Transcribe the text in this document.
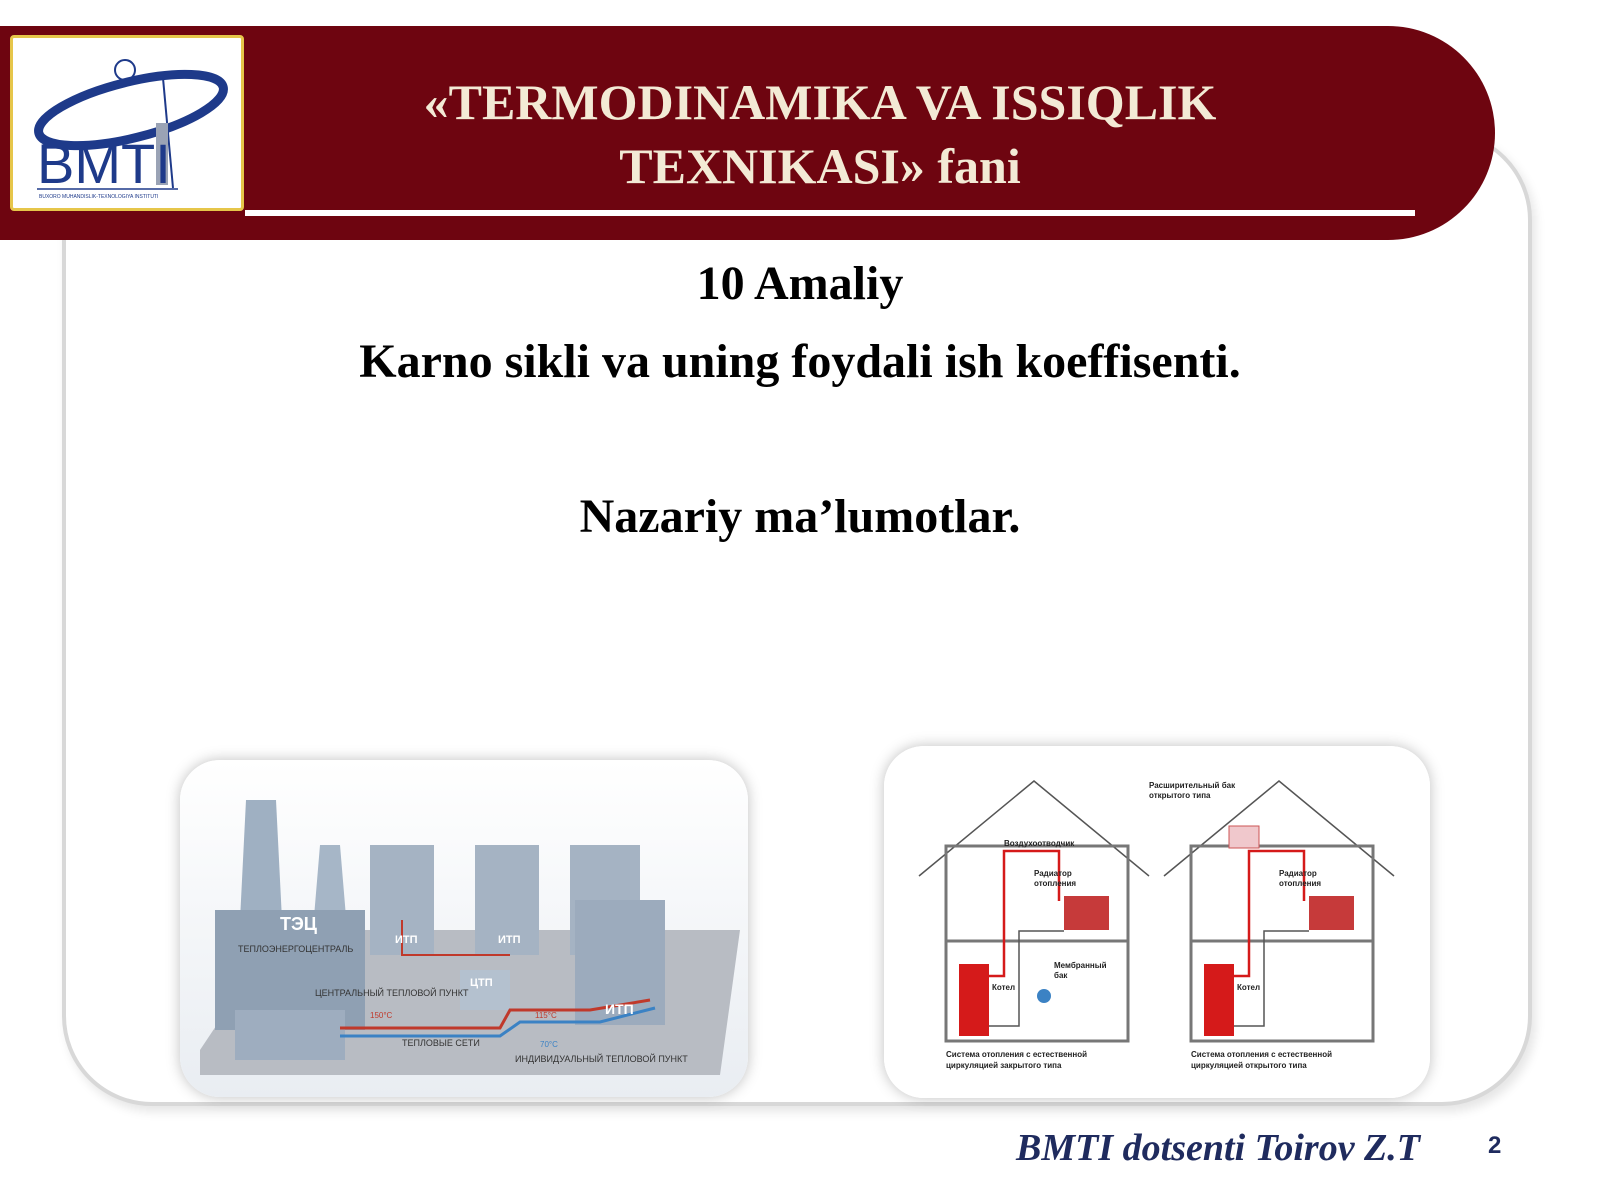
BMTI
BUXORO MUHANDISLIK-TEXNOLOGIYA INSTITUTI
«TERMODINAMIKA VA ISSIQLIK
TEXNIKASI» fani
10 Amaliy
Karno sikli va uning foydali ish koeffisenti.
Nazariy ma’lumotlar.
ТЭЦ
ТЕПЛОЭНЕРГОЦЕНТРАЛЬ
ИТП	ИТП
ЦТП
ЦЕНТРАЛЬНЫЙ ТЕПЛОВОЙ ПУНКТ
ИТП
150°C	115°C
70°C
ТЕПЛОВЫЕ СЕТИ
ИНДИВИДУАЛЬНЫЙ ТЕПЛОВОЙ ПУНКТ
Воздухоотводчик
Радиатор
отопления
Мембранный
бак
Котел
Система отопления с естественной
циркуляцией закрытого типа
Расширительный бак
открытого типа
Радиатор
отопления
Котел
Система отопления с естественной
циркуляцией открытого типа
BMTI dotsenti Toirov Z.T	2
